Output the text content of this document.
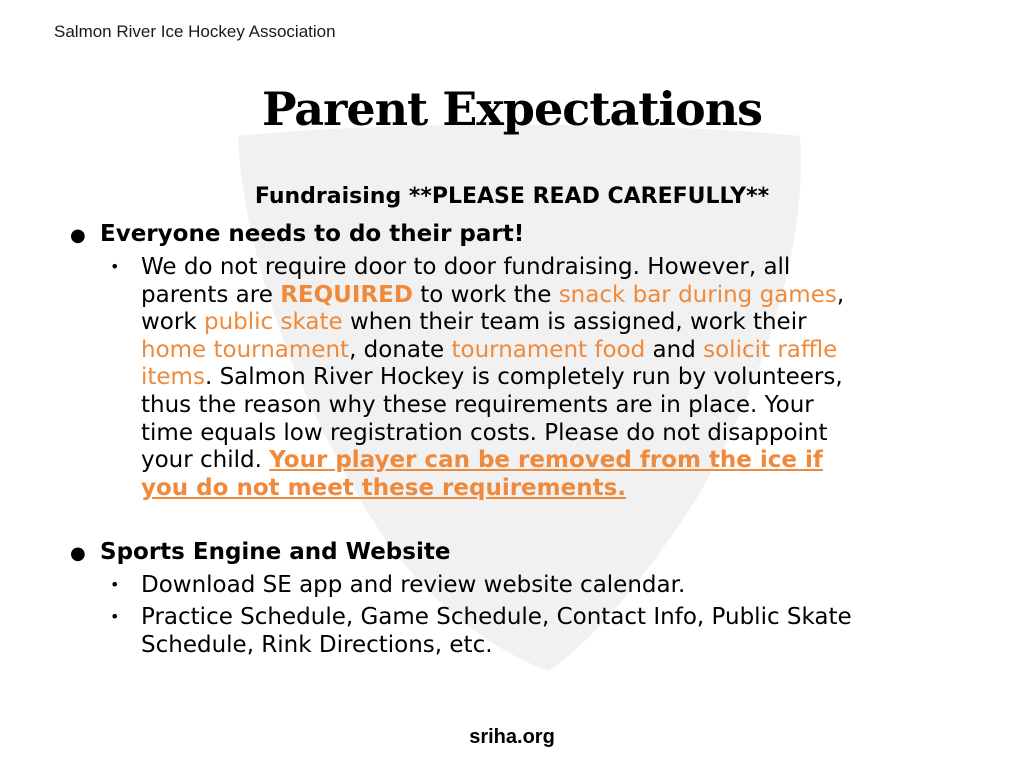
Salmon River Ice Hockey Association
Parent Expectations
Fundraising **PLEASE READ CAREFULLY**
● Everyone needs to do their part!
• We do not require door to door fundraising. However, all
parents are REQUIRED to work the snack bar during games,
work public skate when their team is assigned, work their
home tournament, donate tournament food and solicit raffle
items. Salmon River Hockey is completely run by volunteers,
thus the reason why these requirements are in place. Your
time equals low registration costs. Please do not disappoint
your child. Your player can be removed from the ice if
you do not meet these requirements.
● Sports Engine and Website
• Download SE app and review website calendar.
• Practice Schedule, Game Schedule, Contact Info, Public Skate
Schedule, Rink Directions, etc.
sriha.org
